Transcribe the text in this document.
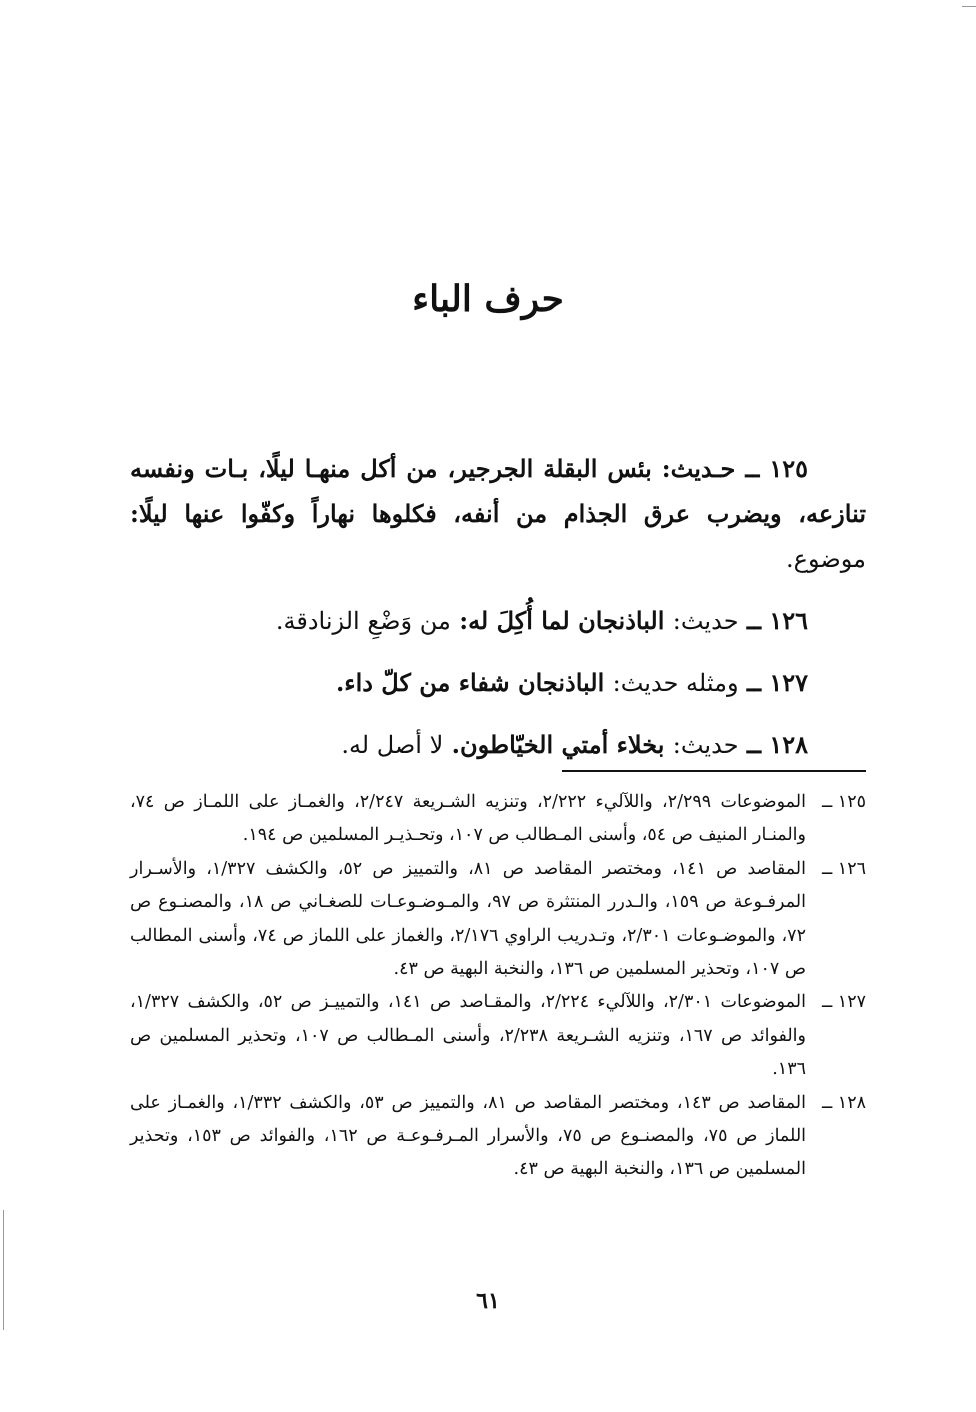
حرف الباء

١٢٥ ــ حـديث: بئس البقلة الجرجير، من أكل منهـا ليلًا، بـات ونفسه تنازعه، ويضرب عرق الجذام من أنفه، فكلوها نهاراً وكفّوا عنها ليلًا: موضوع.

١٢٦ ــ حديث: الباذنجان لما أُكِلَ له: من وَضْعِ الزنادقة.

١٢٧ ــ ومثله حديث: الباذنجان شفاء من كلّ داء.

١٢٨ ــ حديث: بخلاء أمتي الخيّاطون. لا أصل له.

١٢٥ ــ
الموضوعات ٢/٢٩٩، واللآليء ٢/٢٢٢، وتنزيه الشـريعة ٢/٢٤٧، والغمـاز على اللمـاز ص ٧٤، والمنـار المنيف ص ٥٤، وأسنى المـطالب ص ١٠٧، وتحـذيـر المسلمين ص ١٩٤.

١٢٦ ــ
المقاصد ص ١٤١، ومختصر المقاصد ص ٨١، والتمييز ص ٥٢، والكشف ١/٣٢٧، والأسـرار المرفـوعة ص ١٥٩، والـدرر المنتثرة ص ٩٧، والمـوضـوعـات للصغـاني ص ١٨، والمصنـوع ص ٧٢، والموضـوعات ٢/٣٠١، وتـدريب الراوي ٢/١٧٦، والغماز على اللماز ص ٧٤، وأسنى المطالب ص ١٠٧، وتحذير المسلمين ص ١٣٦، والنخبة البهية ص ٤٣.

١٢٧ ــ
الموضوعات ٢/٣٠١، واللآليء ٢/٢٢٤، والمقـاصد ص ١٤١، والتمييـز ص ٥٢، والكشف ١/٣٢٧، والفوائد ص ١٦٧، وتنزيه الشـريعة ٢/٢٣٨، وأسنى المـطالب ص ١٠٧، وتحذير المسلمين ص ١٣٦.

١٢٨ ــ
المقاصد ص ١٤٣، ومختصر المقاصد ص ٨١، والتمييز ص ٥٣، والكشف ١/٣٣٢، والغمـاز على اللماز ص ٧٥، والمصنـوع ص ٧٥، والأسرار المـرفـوعـة ص ١٦٢، والفوائد ص ١٥٣، وتحذير المسلمين ص ١٣٦، والنخبة البهية ص ٤٣.

٦١
